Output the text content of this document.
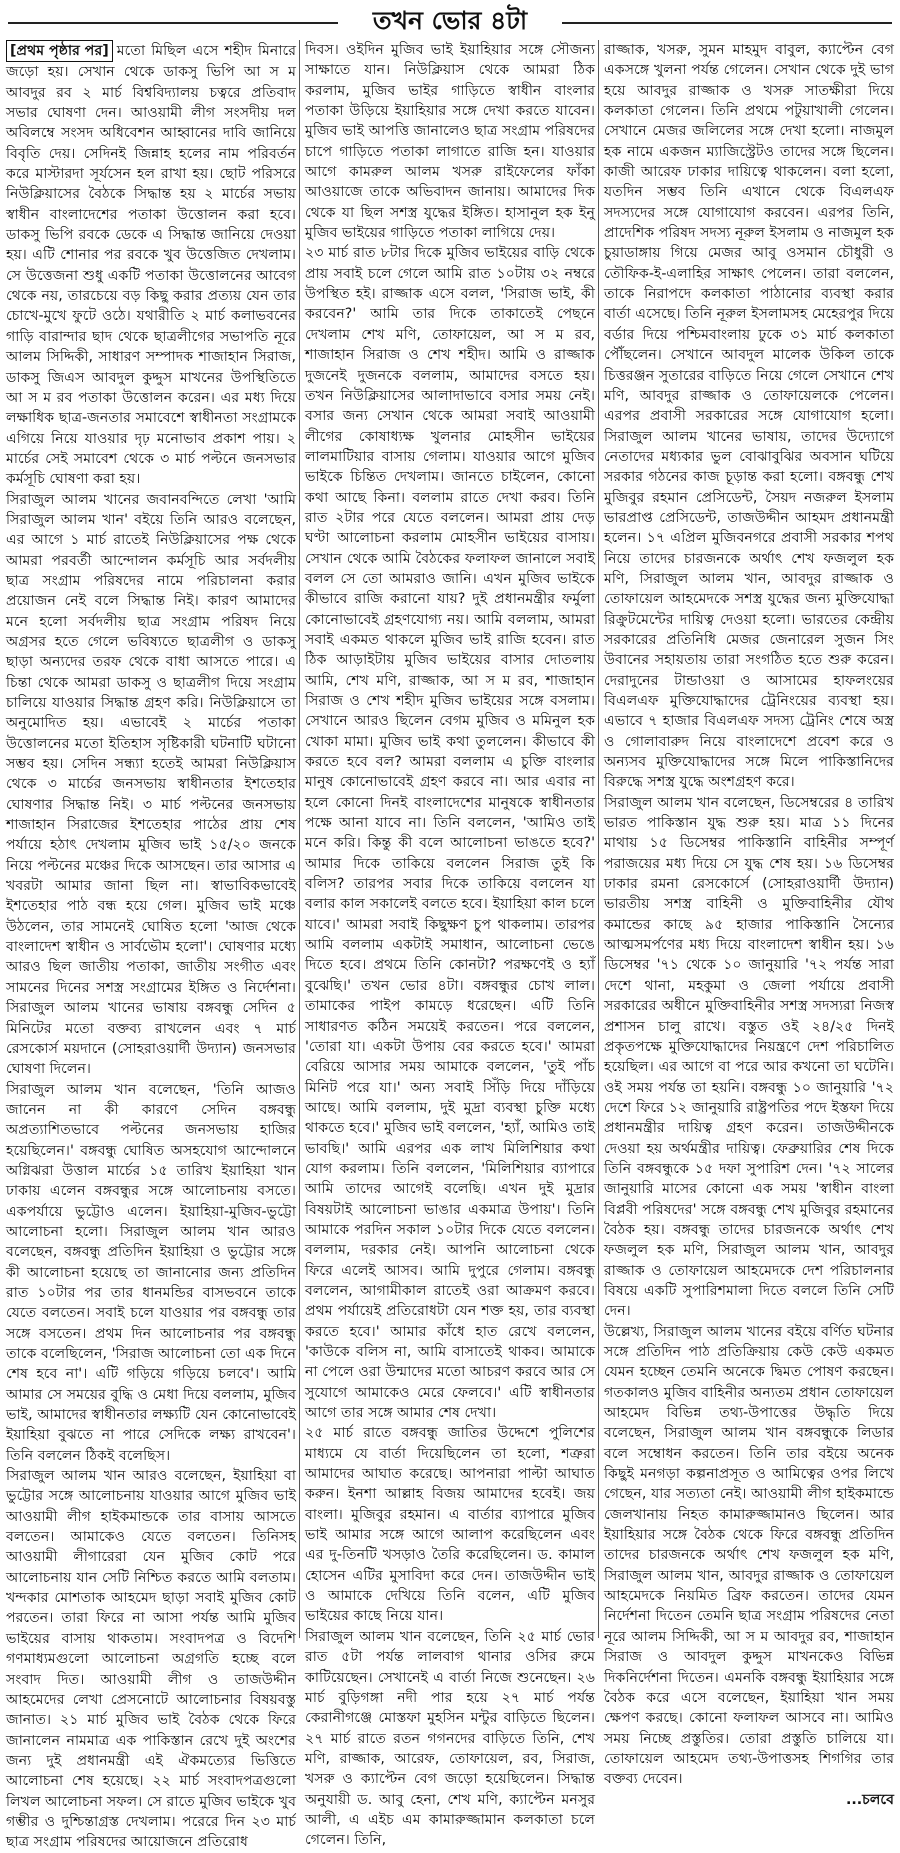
তখন ভোর ৪টা

[প্রথম পৃষ্ঠার পর] মতো মিছিল এসে শহীদ মিনারে জড়ো হয়। সেখান থেকে ডাকসু ভিপি আ স ম আবদুর রব ২ মার্চ বিশ্ববিদ্যালয় চত্বরে প্রতিবাদ সভার ঘোষণা দেন। আওয়ামী লীগ সংসদীয় দল অবিলম্বে সংসদ অধিবেশন আহ্বানের দাবি জানিয়ে বিবৃতি দেয়। সেদিনই জিন্নাহ হলের নাম পরিবর্তন করে মাস্টারদা সূর্যসেন হল রাখা হয়। ছোট পরিসরে নিউক্লিয়াসের বৈঠকে সিদ্ধান্ত হয় ২ মার্চের সভায় স্বাধীন বাংলাদেশের পতাকা উত্তোলন করা হবে। ডাকসু ভিপি রবকে ডেকে এ সিদ্ধান্ত জানিয়ে দেওয়া হয়। এটি শোনার পর রবকে খুব উত্তেজিত দেখলাম। সে উত্তেজনা শুধু একটি পতাকা উত্তোলনের আবেগ থেকে নয়, তারচেয়ে বড় কিছু করার প্রত্যয় যেন তার চোখে-মুখে ফুটে ওঠে। যথারীতি ২ মার্চ কলাভবনের গাড়ি বারান্দার ছাদ থেকে ছাত্রলীগের সভাপতি নূরে আলম সিদ্দিকী, সাধারণ সম্পাদক শাজাহান সিরাজ, ডাকসু জিএস আবদুল কুদ্দুস মাখনের উপস্থিতিতে আ স ম রব পতাকা উত্তোলন করেন। এর মধ্য দিয়ে লক্ষাধিক ছাত্র-জনতার সমাবেশে স্বাধীনতা সংগ্রামকে এগিয়ে নিয়ে যাওয়ার দৃঢ় মনোভাব প্রকাশ পায়। ২ মার্চের সেই সমাবেশ থেকে ৩ মার্চ পল্টনে জনসভার কর্মসূচি ঘোষণা করা হয়।

সিরাজুল আলম খানের জবানবন্দিতে লেখা 'আমি সিরাজুল আলম খান' বইয়ে তিনি আরও বলেছেন, এর আগে ১ মার্চ রাতেই নিউক্লিয়াসের পক্ষ থেকে আমরা পরবর্তী আন্দোলন কর্মসূচি আর সর্বদলীয় ছাত্র সংগ্রাম পরিষদের নামে পরিচালনা করার প্রয়োজন নেই বলে সিদ্ধান্ত নিই। কারণ আমাদের মনে হলো সর্বদলীয় ছাত্র সংগ্রাম পরিষদ নিয়ে অগ্রসর হতে গেলে ভবিষ্যতে ছাত্রলীগ ও ডাকসু ছাড়া অন্যদের তরফ থেকে বাধা আসতে পারে। এ চিন্তা থেকে আমরা ডাকসু ও ছাত্রলীগ দিয়ে সংগ্রাম চালিয়ে যাওয়ার সিদ্ধান্ত গ্রহণ করি। নিউক্লিয়াসে তা অনুমোদিত হয়। এভাবেই ২ মার্চের পতাকা উত্তোলনের মতো ইতিহাস সৃষ্টিকারী ঘটনাটি ঘটানো সম্ভব হয়। সেদিন সন্ধ্যা হতেই আমরা নিউক্লিয়াস থেকে ৩ মার্চের জনসভায় স্বাধীনতার ইশতেহার ঘোষণার সিদ্ধান্ত নিই। ৩ মার্চ পল্টনের জনসভায় শাজাহান সিরাজের ইশতেহার পাঠের প্রায় শেষ পর্যায়ে হঠাৎ দেখলাম মুজিব ভাই ১৫/২০ জনকে নিয়ে পল্টনের মঞ্চের দিকে আসছেন। তার আসার এ খবরটা আমার জানা ছিল না। স্বাভাবিকভাবেই ইশতেহার পাঠ বন্ধ হয়ে গেল। মুজিব ভাই মঞ্চে উঠলেন, তার সামনেই ঘোষিত হলো 'আজ থেকে বাংলাদেশ স্বাধীন ও সার্বভৌম হলো'। ঘোষণার মধ্যে আরও ছিল জাতীয় পতাকা, জাতীয় সংগীত এবং সামনের দিনের সশস্ত্র সংগ্রামের ইঙ্গিত ও নির্দেশনা। সিরাজুল আলম খানের ভাষায় বঙ্গবন্ধু সেদিন ৫ মিনিটের মতো বক্তব্য রাখলেন এবং ৭ মার্চ রেসকোর্স ময়দানে (সোহরাওয়ার্দী উদ্যান) জনসভার ঘোষণা দিলেন।

সিরাজুল আলম খান বলেছেন, 'তিনি আজও জানেন না কী কারণে সেদিন বঙ্গবন্ধু অপ্রত্যাশিতভাবে পল্টনের জনসভায় হাজির হয়েছিলেন।' বঙ্গবন্ধু ঘোষিত অসহযোগ আন্দোলনে অগ্নিঝরা উত্তাল মার্চের ১৫ তারিখ ইয়াহিয়া খান ঢাকায় এলেন বঙ্গবন্ধুর সঙ্গে আলোচনায় বসতে। একপর্যায়ে ভুট্টোও এলেন। ইয়াহিয়া-মুজিব-ভুট্টো আলোচনা হলো। সিরাজুল আলম খান আরও বলেছেন, বঙ্গবন্ধু প্রতিদিন ইয়াহিয়া ও ভুট্টোর সঙ্গে কী আলোচনা হয়েছে তা জানানোর জন্য প্রতিদিন রাত ১০টার পর তার ধানমন্ডির বাসভবনে তাকে যেতে বলতেন। সবাই চলে যাওয়ার পর বঙ্গবন্ধু তার সঙ্গে বসতেন। প্রথম দিন আলোচনার পর বঙ্গবন্ধু তাকে বলেছিলেন, 'সিরাজ আলোচনা তো এক দিনে শেষ হবে না'। এটি গড়িয়ে গড়িয়ে চলবে'। আমি আমার সে সময়ের বুদ্ধি ও মেধা দিয়ে বললাম, মুজিব ভাই, আমাদের স্বাধীনতার লক্ষ্যটি যেন কোনোভাবেই ইয়াহিয়া বুঝতে না পারে সেদিকে লক্ষ্য রাখবেন'। তিনি বললেন ঠিকই বলেছিস।

সিরাজুল আলম খান আরও বলেছেন, ইয়াহিয়া বা ভুট্টোর সঙ্গে আলোচনায় যাওয়ার আগে মুজিব ভাই আওয়ামী লীগ হাইকমান্ডকে তার বাসায় আসতে বলতেন। আমাকেও যেতে বলতেন। তিনিসহ আওয়ামী লীগারেরা যেন মুজিব কোট পরে আলোচনায় যান সেটি নিশ্চিত করতে আমি বলতাম। খন্দকার মোশতাক আহমেদ ছাড়া সবাই মুজিব কোট পরতেন। তারা ফিরে না আসা পর্যন্ত আমি মুজিব ভাইয়ের বাসায় থাকতাম। সংবাদপত্র ও বিদেশি গণমাধ্যমগুলো আলোচনা অগ্রগতি হচ্ছে বলে সংবাদ দিত। আওয়ামী লীগ ও তাজউদ্দীন আহমেদের লেখা প্রেসনোটে আলোচনার বিষয়বস্তু জানাত। ২১ মার্চ মুজিব ভাই বৈঠক থেকে ফিরে জানালেন নামমাত্র এক পাকিস্তান রেখে দুই অংশের জন্য দুই প্রধানমন্ত্রী এই ঐকমত্যের ভিত্তিতে আলোচনা শেষ হয়েছে। ২২ মার্চ সংবাদপত্রগুলো লিখল আলোচনা সফল। সে রাতে মুজিব ভাইকে খুব গম্ভীর ও দুশ্চিন্তাগ্রস্ত দেখলাম। পরেরে দিন ২৩ মার্চ ছাত্র সংগ্রাম পরিষদের আয়োজনে প্রতিরোধ

দিবস। ওইদিন মুজিব ভাই ইয়াহিয়ার সঙ্গে সৌজন্য সাক্ষাতে যান। নিউক্লিয়াস থেকে আমরা ঠিক করলাম, মুজিব ভাইর গাড়িতে স্বাধীন বাংলার পতাকা উড়িয়ে ইয়াহিয়ার সঙ্গে দেখা করতে যাবেন। মুজিব ভাই আপত্তি জানালেও ছাত্র সংগ্রাম পরিষদের চাপে গাড়িতে পতাকা লাগাতে রাজি হন। যাওয়ার আগে কামরুল আলম খসরু রাইফেলের ফাঁকা আওয়াজে তাকে অভিবাদন জানায়। আমাদের দিক থেকে যা ছিল সশস্ত্র যুদ্ধের ইঙ্গিত। হাসানুল হক ইনু মুজিব ভাইয়ের গাড়িতে পতাকা লাগিয়ে দেয়।

২৩ মার্চ রাত ৮টার দিকে মুজিব ভাইয়ের বাড়ি থেকে প্রায় সবাই চলে গেলে আমি রাত ১০টায় ৩২ নম্বরে উপস্থিত হই। রাজ্জাক এসে বলল, 'সিরাজ ভাই, কী করবেন?' আমি তার দিকে তাকাতেই পেছনে দেখলাম শেখ মণি, তোফায়েল, আ স ম রব, শাজাহান সিরাজ ও শেখ শহীদ। আমি ও রাজ্জাক দুজনেই দুজনকে বললাম, আমাদের বসতে হয়। তখন নিউক্লিয়াসের আলাদাভাবে বসার সময় নেই। বসার জন্য সেখান থেকে আমরা সবাই আওয়ামী লীগের কোষাধ্যক্ষ খুলনার মোহসীন ভাইয়ের লালমাটিয়ার বাসায় গেলাম। যাওয়ার আগে মুজিব ভাইকে চিন্তিত দেখলাম। জানতে চাইলেন, কোনো কথা আছে কিনা। বললাম রাতে দেখা করব। তিনি রাত ২টার পরে যেতে বললেন। আমরা প্রায় দেড় ঘণ্টা আলোচনা করলাম মোহসীন ভাইয়ের বাসায়। সেখান থেকে আমি বৈঠকের ফলাফল জানালে সবাই বলল সে তো আমরাও জানি। এখন মুজিব ভাইকে কীভাবে রাজি করানো যায়? দুই প্রধানমন্ত্রীর ফর্মুলা কোনোভাবেই গ্রহণযোগ্য নয়। আমি বললাম, আমরা সবাই একমত থাকলে মুজিব ভাই রাজি হবেন। রাত ঠিক আড়াইটায় মুজিব ভাইয়ের বাসার দোতলায় আমি, শেখ মণি, রাজ্জাক, আ স ম রব, শাজাহান সিরাজ ও শেখ শহীদ মুজিব ভাইয়ের সঙ্গে বসলাম। সেখানে আরও ছিলেন বেগম মুজিব ও মমিনুল হক খোকা মামা। মুজিব ভাই কথা তুললেন। কীভাবে কী করতে হবে বল? আমরা বললাম এ চুক্তি বাংলার মানুষ কোনোভাবেই গ্রহণ করবে না। আর এবার না হলে কোনো দিনই বাংলাদেশের মানুষকে স্বাধীনতার পক্ষে আনা যাবে না। তিনি বললেন, 'আমিও তাই মনে করি। কিন্তু কী বলে আলোচনা ভাঙতে হবে?' আমার দিকে তাকিয়ে বললেন সিরাজ তুই কি বলিস? তারপর সবার দিকে তাকিয়ে বললেন যা বলার কাল সকালেই বলতে হবে। ইয়াহিয়া কাল চলে যাবে।' আমরা সবাই কিছুক্ষণ চুপ থাকলাম। তারপর আমি বললাম একটাই সমাধান, আলোচনা ভেঙে দিতে হবে। প্রথমে তিনি কোনটা? পরক্ষণেই ও হ্যাঁ বুঝেছি।' তখন ভোর ৪টা। বঙ্গবন্ধুর চোখ লাল। তামাকের পাইপ কামড়ে ধরেছেন। এটি তিনি সাধারণত কঠিন সময়েই করতেন। পরে বললেন, 'তোরা যা। একটা উপায় বের করতে হবে।' আমরা বেরিয়ে আসার সময় আমাকে বললেন, 'তুই পাঁচ মিনিট পরে যা।' অন্য সবাই সিঁড়ি দিয়ে দাঁড়িয়ে আছে। আমি বললাম, দুই মুদ্রা ব্যবস্থা চুক্তি মধ্যে থাকতে হবে।' মুজিব ভাই বললেন, 'হ্যাঁ, আমিও তাই ভাবছি।' আমি এরপর এক লাখ মিলিশিয়ার কথা যোগ করলাম। তিনি বললেন, 'মিলিশিয়ার ব্যাপারে আমি তাদের আগেই বলেছি। এখন দুই মুদ্রার বিষয়টাই আলোচনা ভাঙার একমাত্র উপায়'। তিনি আমাকে পরদিন সকাল ১০টার দিকে যেতে বললেন। বললাম, দরকার নেই। আপনি আলোচনা থেকে ফিরে এলেই আসব। আমি দুপুরে গেলাম। বঙ্গবন্ধু বললেন, আগামীকাল রাতেই ওরা আক্রমণ করবে। প্রথম পর্যায়েই প্রতিরোধটা যেন শক্ত হয়, তার ব্যবস্থা করতে হবে।' আমার কাঁধে হাত রেখে বললেন, 'কাউকে বলিস না, আমি বাসাতেই থাকব। আমাকে না পেলে ওরা উন্মাদের মতো আচরণ করবে আর সে সুযোগে আমাকেও মেরে ফেলবে।' এটি স্বাধীনতার আগে তার সঙ্গে আমার শেষ দেখা।

২৫ মার্চ রাতে বঙ্গবন্ধু জাতির উদ্দেশে পুলিশের মাধ্যমে যে বার্তা দিয়েছিলেন তা হলো, শত্রুরা আমাদের আঘাত করেছে। আপনারা পাল্টা আঘাত করুন। ইনশা আল্লাহ বিজয় আমাদের হবেই। জয় বাংলা। মুজিবুর রহমান। এ বার্তার ব্যাপারে মুজিব ভাই আমার সঙ্গে আগে আলাপ করেছিলেন এবং এর দু-তিনটি খসড়াও তৈরি করেছিলেন। ড. কামাল হোসেন এটির মুসাবিদা করে দেন। তাজউদ্দীন ভাই ও আমাকে দেখিয়ে তিনি বলেন, এটি মুজিব ভাইয়ের কাছে নিয়ে যান।

সিরাজুল আলম খান বলেছেন, তিনি ২৫ মার্চ ভোর রাত ৫টা পর্যন্ত লালবাগ থানার ওসির রুমে কাটিয়েছেন। সেখানেই এ বার্তা নিজে শুনেছেন। ২৬ মার্চ বুড়িগঙ্গা নদী পার হয়ে ২৭ মার্চ পর্যন্ত কেরানীগঞ্জে মোস্তফা মুহসিন মন্টুর বাড়িতে ছিলেন। ২৭ মার্চ রাতে রতন গগনদের বাড়িতে তিনি, শেখ মণি, রাজ্জাক, আরেফ, তোফায়েল, রব, সিরাজ, খসরু ও ক্যাপ্টেন বেগ জড়ো হয়েছিলেন। সিদ্ধান্ত অনুযায়ী ড. আবু হেনা, শেখ মণি, ক্যাপ্টেন মনসুর আলী, এ এইচ এম কামারুজ্জামান কলকাতা চলে গেলেন। তিনি,

রাজ্জাক, খসরু, সুমন মাহমুদ বাবুল, ক্যাপ্টেন বেগ একসঙ্গে খুলনা পর্যন্ত গেলেন। সেখান থেকে দুই ভাগ হয়ে আবদুর রাজ্জাক ও খসরু সাতক্ষীরা দিয়ে কলকাতা গেলেন। তিনি প্রথমে পটুয়াখালী গেলেন। সেখানে মেজর জলিলের সঙ্গে দেখা হলো। নাজমুল হক নামে একজন ম্যাজিস্ট্রেটও তাদের সঙ্গে ছিলেন। কাজী আরেফ ঢাকার দায়িত্বে থাকলেন। বলা হলো, যতদিন সম্ভব তিনি এখানে থেকে বিএলএফ সদস্যদের সঙ্গে যোগাযোগ করবেন। এরপর তিনি, প্রাদেশিক পরিষদ সদস্য নূরুল ইসলাম ও নাজমুল হক চুয়াডাঙ্গায় গিয়ে মেজর আবু ওসমান চৌধুরী ও তৌফিক-ই-এলাহির সাক্ষাৎ পেলেন। তারা বললেন, তাকে নিরাপদে কলকাতা পাঠানোর ব্যবস্থা করার বার্তা এসেছে। তিনি নূরুল ইসলামসহ মেহেরপুর দিয়ে বর্ডার দিয়ে পশ্চিমবাংলায় ঢুকে ৩১ মার্চ কলকাতা পৌঁছলেন। সেখানে আবদুল মালেক উকিল তাকে চিত্তরঞ্জন সুতারের বাড়িতে নিয়ে গেলে সেখানে শেখ মণি, আবদুর রাজ্জাক ও তোফায়েলকে পেলেন। এরপর প্রবাসী সরকারের সঙ্গে যোগাযোগ হলো। সিরাজুল আলম খানের ভাষায়, তাদের উদ্যোগে নেতাদের মধ্যকার ভুল বোঝাবুঝির অবসান ঘটিয়ে সরকার গঠনের কাজ চূড়ান্ত করা হলো। বঙ্গবন্ধু শেখ মুজিবুর রহমান প্রেসিডেন্ট, সৈয়দ নজরুল ইসলাম ভারপ্রাপ্ত প্রেসিডেন্ট, তাজউদ্দীন আহমদ প্রধানমন্ত্রী হলেন। ১৭ এপ্রিল মুজিবনগরে প্রবাসী সরকার শপথ নিয়ে তাদের চারজনকে অর্থাৎ শেখ ফজলুল হক মণি, সিরাজুল আলম খান, আবদুর রাজ্জাক ও তোফায়েল আহমেদকে সশস্ত্র যুদ্ধের জন্য মুক্তিযোদ্ধা রিক্রুটমেন্টের দায়িত্ব দেওয়া হলো। ভারতের কেন্দ্রীয় সরকারের প্রতিনিধি মেজর জেনারেল সুজন সিং উবানের সহায়তায় তারা সংগঠিত হতে শুরু করেন। দেরাদুনের টান্ডাওয়া ও আসামের হাফলংয়ের বিএলএফ মুক্তিযোদ্ধাদের ট্রেনিংয়ের ব্যবস্থা হয়। এভাবে ৭ হাজার বিএলএফ সদস্য ট্রেনিং শেষে অস্ত্র ও গোলাবারুদ নিয়ে বাংলাদেশে প্রবেশ করে ও অন্যসব মুক্তিযোদ্ধাদের সঙ্গে মিলে পাকিস্তানিদের বিরুদ্ধে সশস্ত্র যুদ্ধে অংশগ্রহণ করে।

সিরাজুল আলম খান বলেছেন, ডিসেম্বরের ৪ তারিখ ভারত পাকিস্তান যুদ্ধ শুরু হয়। মাত্র ১১ দিনের মাথায় ১৫ ডিসেম্বর পাকিস্তানি বাহিনীর সম্পূর্ণ পরাজয়ের মধ্য দিয়ে সে যুদ্ধ শেষ হয়। ১৬ ডিসেম্বর ঢাকার রমনা রেসকোর্সে (সোহরাওয়ার্দী উদ্যান) ভারতীয় সশস্ত্র বাহিনী ও মুক্তিবাহিনীর যৌথ কমান্ডের কাছে ৯৫ হাজার পাকিস্তানি সৈন্যের আত্মসমর্পণের মধ্য দিয়ে বাংলাদেশ স্বাধীন হয়। ১৬ ডিসেম্বর '৭১ থেকে ১০ জানুয়ারি '৭২ পর্যন্ত সারা দেশে থানা, মহকুমা ও জেলা পর্যায়ে প্রবাসী সরকারের অধীনে মুক্তিবাহিনীর সশস্ত্র সদস্যরা নিজস্ব প্রশাসন চালু রাখে। বস্তুত ওই ২৪/২৫ দিনই প্রকৃতপক্ষে মুক্তিযোদ্ধাদের নিয়ন্ত্রণে দেশ পরিচালিত হয়েছিল। এর আগে বা পরে আর কখনো তা ঘটেনি। ওই সময় পর্যন্ত তা হয়নি। বঙ্গবন্ধু ১০ জানুয়ারি '৭২ দেশে ফিরে ১২ জানুয়ারি রাষ্ট্রপতির পদে ইস্তফা দিয়ে প্রধানমন্ত্রীর দায়িত্ব গ্রহণ করেন। তাজউদ্দীনকে দেওয়া হয় অর্থমন্ত্রীর দায়িত্ব। ফেব্রুয়ারির শেষ দিকে তিনি বঙ্গবন্ধুকে ১৫ দফা সুপারিশ দেন। '৭২ সালের জানুয়ারি মাসের কোনো এক সময় 'স্বাধীন বাংলা বিপ্লবী পরিষদের' সঙ্গে বঙ্গবন্ধু শেখ মুজিবুর রহমানের বৈঠক হয়। বঙ্গবন্ধু তাদের চারজনকে অর্থাৎ শেখ ফজলুল হক মণি, সিরাজুল আলম খান, আবদুর রাজ্জাক ও তোফায়েল আহমেদকে দেশ পরিচালনার বিষয়ে একটি সুপারিশমালা দিতে বললে তিনি সেটি দেন।

উল্লেখ্য, সিরাজুল আলম খানের বইয়ে বর্ণিত ঘটনার সঙ্গে প্রতিদিন পাঠ প্রতিক্রিয়ায় কেউ কেউ একমত যেমন হচ্ছেন তেমনি অনেকে দ্বিমত পোষণ করছেন। গতকালও মুজিব বাহিনীর অন্যতম প্রধান তোফায়েল আহমেদ বিভিন্ন তথ্য-উপাত্তের উদ্ধৃতি দিয়ে বলেছেন, সিরাজুল আলম খান বঙ্গবন্ধুকে লিডার বলে সম্বোধন করতেন। তিনি তার বইয়ে অনেক কিছুই মনগড়া কল্পনাপ্রসূত ও আমিত্বের ওপর লিখে গেছেন, যার সত্যতা নেই। আওয়ামী লীগ হাইকমান্ডে জেলখানায় নিহত কামারুজ্জামানও ছিলেন। আর ইয়াহিয়ার সঙ্গে বৈঠক থেকে ফিরে বঙ্গবন্ধু প্রতিদিন তাদের চারজনকে অর্থাৎ শেখ ফজলুল হক মণি, সিরাজুল আলম খান, আবদুর রাজ্জাক ও তোফায়েল আহমেদকে নিয়মিত ব্রিফ করতেন। তাদের যেমন নির্দেশনা দিতেন তেমনি ছাত্র সংগ্রাম পরিষদের নেতা নূরে আলম সিদ্দিকী, আ স ম আবদুর রব, শাজাহান সিরাজ ও আবদুল কুদ্দুস মাখনকেও বিভিন্ন দিকনির্দেশনা দিতেন। এমনকি বঙ্গবন্ধু ইয়াহিয়ার সঙ্গে বৈঠক করে এসে বলেছেন, ইয়াহিয়া খান সময় ক্ষেপণ করছে। কোনো ফলাফল আসবে না। আমিও সময় নিচ্ছে প্রস্তুতির। তোরা প্রস্তুতি চালিয়ে যা। তোফায়েল আহমেদ তথ্য-উপাত্তসহ শিগগির তার বক্তব্য দেবেন।

...চলবে
